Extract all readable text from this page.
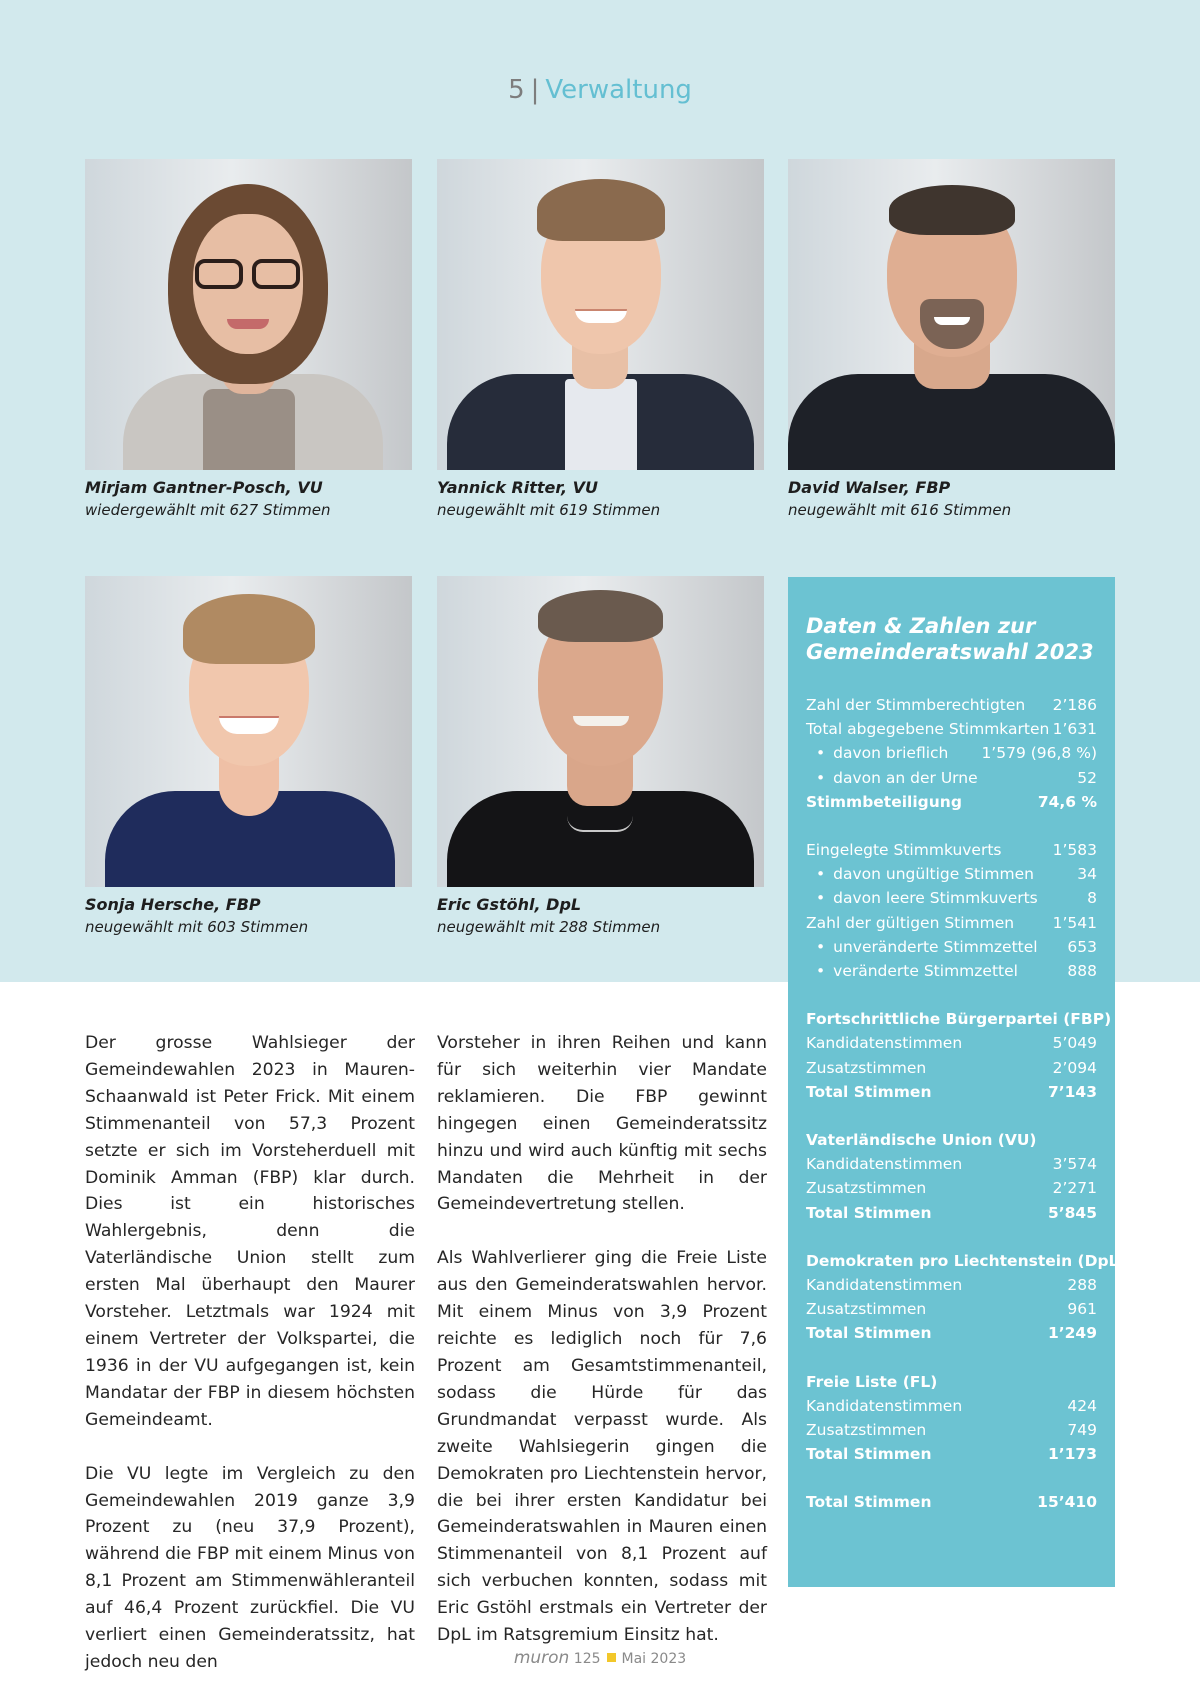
5 | Verwaltung
Mirjam Gantner-Posch, VU
wiedergewählt mit 627 Stimmen
Yannick Ritter, VU
neugewählt mit 619 Stimmen
David Walser, FBP
neugewählt mit 616 Stimmen
Sonja Hersche, FBP
neugewählt mit 603 Stimmen
Eric Gstöhl, DpL
neugewählt mit 288 Stimmen
Daten & Zahlen zur
Gemeinderatswahl 2023
Zahl der Stimmberechtigten 2’186
Total abgegebene Stimmkarten 1’631
• davon brieflich 1’579 (96,8 %)
• davon an der Urne	52
Stimmbeteiligung	74,6 %
Eingelegte Stimmkuverts	1’583
• davon ungültige Stimmen	34
• davon leere Stimmkuverts	8
Zahl der gültigen Stimmen 1’541
• unveränderte Stimmzettel 653
• veränderte Stimmzettel	888
Fortschrittliche Bürgerpartei (FBP)
Kandidatenstimmen	5’049
Zusatzstimmen	2’094
Total Stimmen	7’143
Vaterländische Union (VU)
Kandidatenstimmen	3’574
Zusatzstimmen	2’271
Total Stimmen	5’845
Demokraten pro Liechtenstein (DpL)
Kandidatenstimmen	288
Zusatzstimmen	961
Total Stimmen	1’249
Freie Liste (FL)
Kandidatenstimmen	424
Zusatzstimmen	749
Total Stimmen	1’173
Total Stimmen	15’410

Der grosse Wahlsieger der Gemeindewahlen 2023 in Mauren-Schaanwald ist Peter Frick. Mit einem Stimmenanteil von 57,3 Prozent setzte er sich im Vorsteherduell mit Dominik Amman (FBP) klar durch. Dies ist ein historisches Wahlergebnis, denn die Vaterländische Union stellt zum ersten Mal überhaupt den Maurer Vorsteher. Letztmals war 1924 mit einem Vertreter der Volkspartei, die 1936 in der VU aufgegangen ist, kein Mandatar der FBP in diesem höchsten Gemeindeamt.

Die VU legte im Vergleich zu den Gemeindewahlen 2019 ganze 3,9 Prozent zu (neu 37,9 Prozent), während die FBP mit einem Minus von 8,1 Prozent am Stimmenwähleranteil auf 46,4 Prozent zurückfiel. Die VU verliert einen Gemeinderatssitz, hat jedoch neu den

Vorsteher in ihren Reihen und kann für sich weiterhin vier Mandate reklamieren. Die FBP gewinnt hingegen einen Gemeinderatssitz hinzu und wird auch künftig mit sechs Mandaten die Mehrheit in der Gemeindevertretung stellen.

Als Wahlverlierer ging die Freie Liste aus den Gemeinderatswahlen hervor. Mit einem Minus von 3,9 Prozent reichte es lediglich noch für 7,6 Prozent am Gesamtstimmenanteil, sodass die Hürde für das Grundmandat verpasst wurde. Als zweite Wahlsiegerin gingen die Demokraten pro Liechtenstein hervor, die bei ihrer ersten Kandidatur bei Gemeinderatswahlen in Mauren einen Stimmenanteil von 8,1 Prozent auf sich verbuchen konnten, sodass mit Eric Gstöhl erstmals ein Vertreter der DpL im Ratsgremium Einsitz hat.

muron 125 Mai 2023
